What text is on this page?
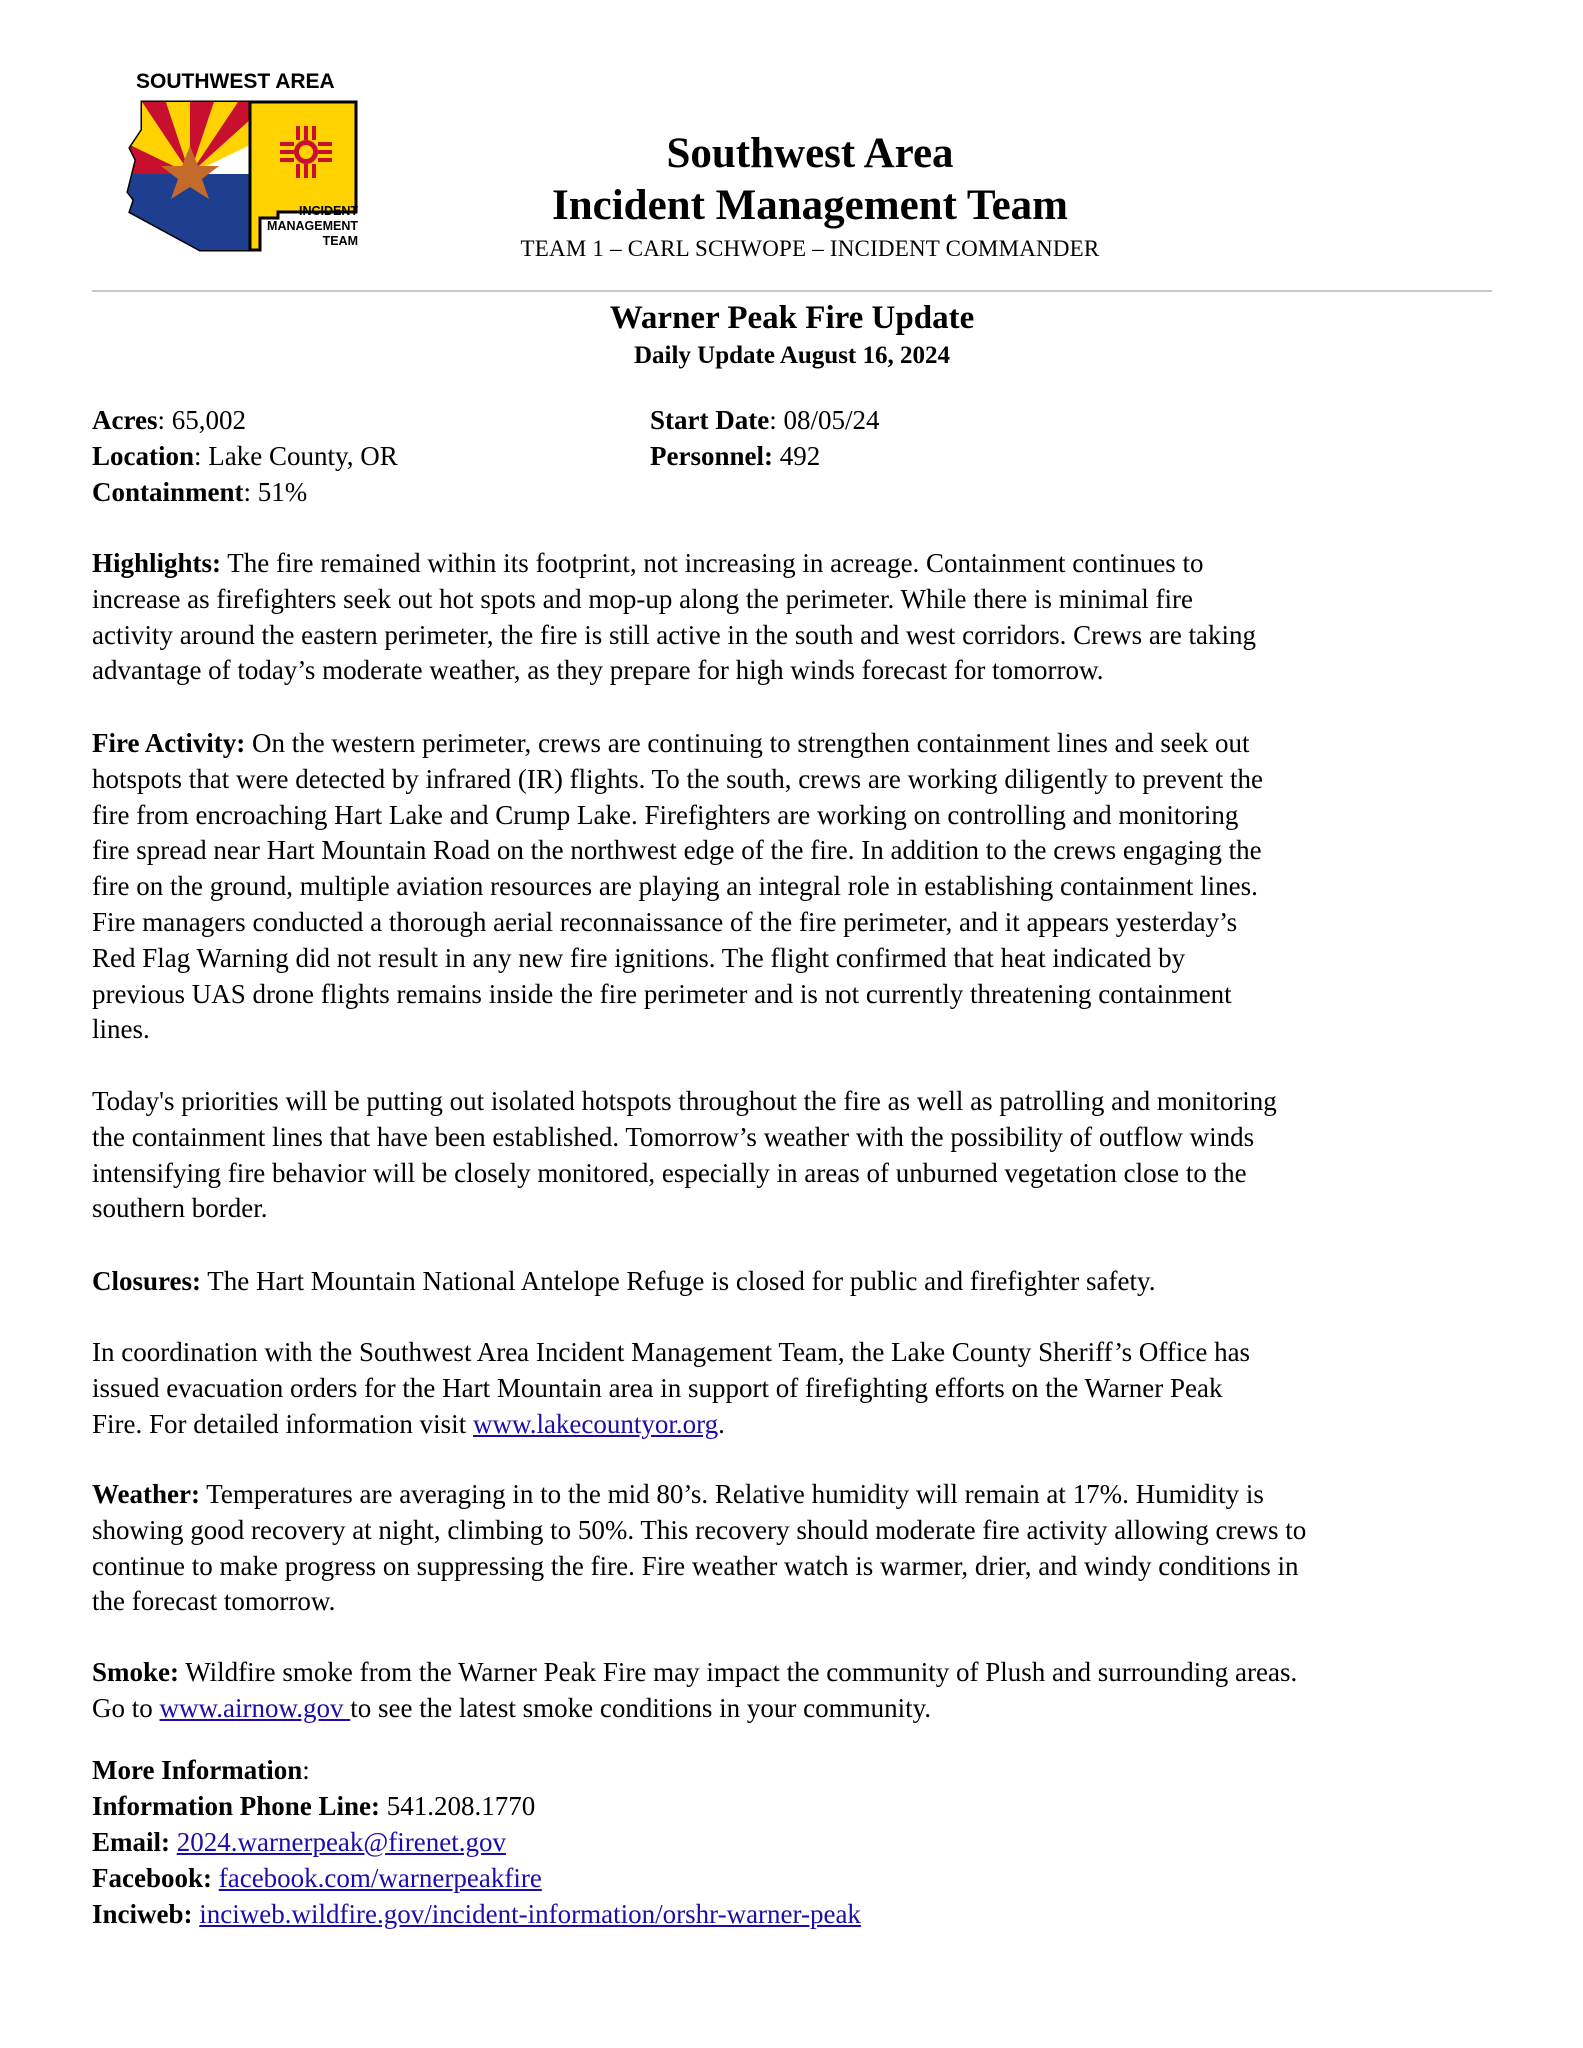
SOUTHWEST AREA
INCIDENT
MANAGEMENT
TEAM
Southwest Area
Incident Management Team
TEAM 1 – CARL SCHWOPE – INCIDENT COMMANDER
Warner Peak Fire Update
Daily Update August 16, 2024
Acres: 65,002
Location: Lake County, OR
Containment: 51%
Start Date: 08/05/24
Personnel: 492
Highlights: The fire remained within its footprint, not increasing in acreage. Containment continues to
increase as firefighters seek out hot spots and mop-up along the perimeter. While there is minimal fire
activity around the eastern perimeter, the fire is still active in the south and west corridors. Crews are taking
advantage of today’s moderate weather, as they prepare for high winds forecast for tomorrow.
Fire Activity: On the western perimeter, crews are continuing to strengthen containment lines and seek out
hotspots that were detected by infrared (IR) flights. To the south, crews are working diligently to prevent the
fire from encroaching Hart Lake and Crump Lake. Firefighters are working on controlling and monitoring
fire spread near Hart Mountain Road on the northwest edge of the fire. In addition to the crews engaging the
fire on the ground, multiple aviation resources are playing an integral role in establishing containment lines.
Fire managers conducted a thorough aerial reconnaissance of the fire perimeter, and it appears yesterday’s
Red Flag Warning did not result in any new fire ignitions. The flight confirmed that heat indicated by
previous UAS drone flights remains inside the fire perimeter and is not currently threatening containment
lines.
Today's priorities will be putting out isolated hotspots throughout the fire as well as patrolling and monitoring
the containment lines that have been established. Tomorrow’s weather with the possibility of outflow winds
intensifying fire behavior will be closely monitored, especially in areas of unburned vegetation close to the
southern border.
Closures: The Hart Mountain National Antelope Refuge is closed for public and firefighter safety.
In coordination with the Southwest Area Incident Management Team, the Lake County Sheriff’s Office has
issued evacuation orders for the Hart Mountain area in support of firefighting efforts on the Warner Peak
Fire. For detailed information visit www.lakecountyor.org.
Weather: Temperatures are averaging in to the mid 80’s. Relative humidity will remain at 17%. Humidity is
showing good recovery at night, climbing to 50%. This recovery should moderate fire activity allowing crews to
continue to make progress on suppressing the fire. Fire weather watch is warmer, drier, and windy conditions in
the forecast tomorrow.
Smoke: Wildfire smoke from the Warner Peak Fire may impact the community of Plush and surrounding areas.
Go to www.airnow.gov to see the latest smoke conditions in your community.
More Information:
Information Phone Line: 541.208.1770
Email: 2024.warnerpeak@firenet.gov
Facebook: facebook.com/warnerpeakfire
Inciweb: inciweb.wildfire.gov/incident-information/orshr-warner-peak
